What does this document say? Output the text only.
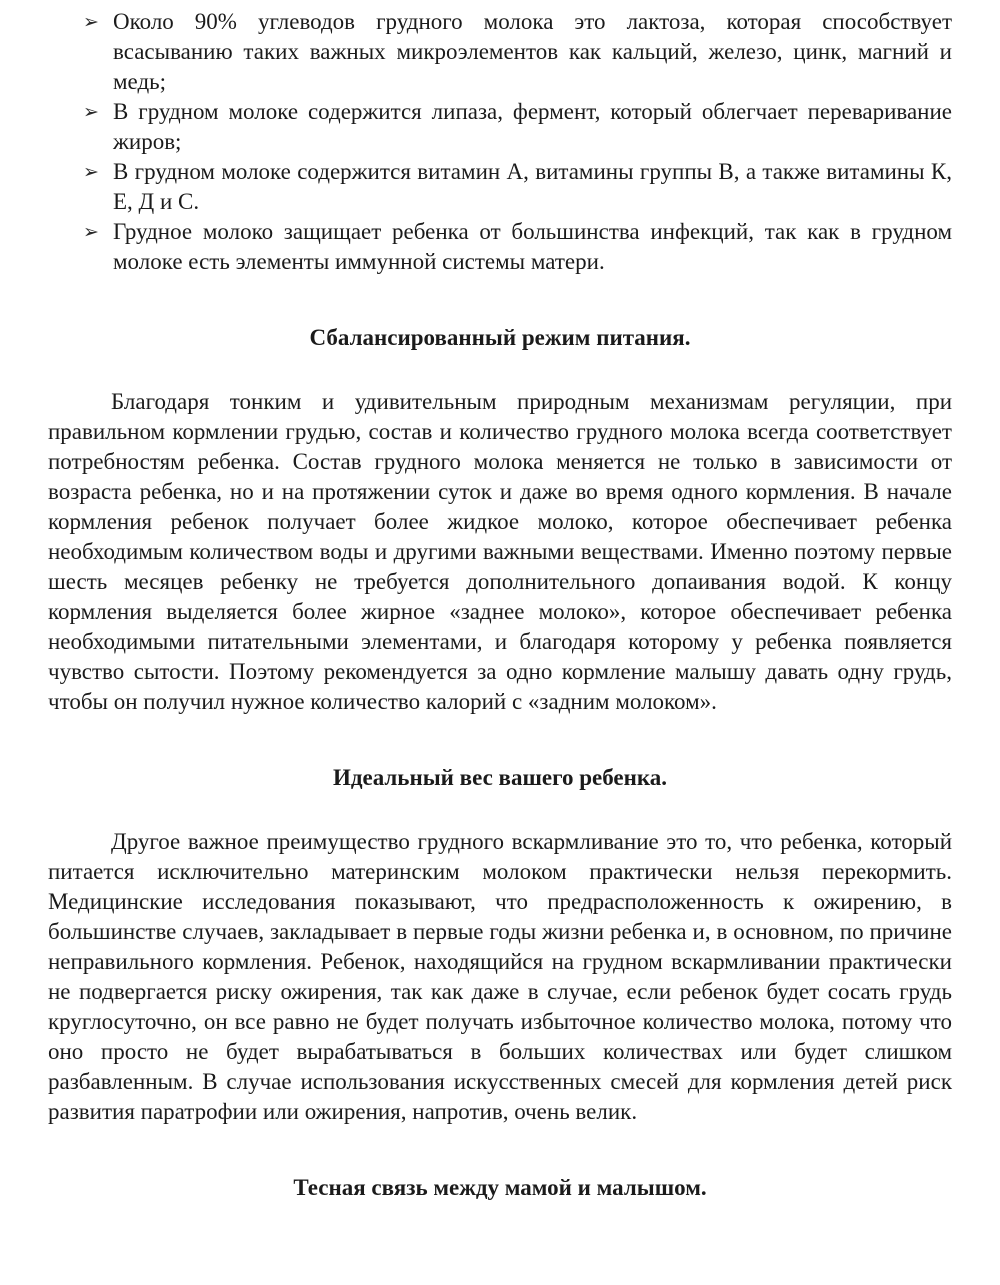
➢ Около 90% углеводов грудного молока это лактоза, которая способствует всасыванию таких важных микроэлементов как кальций, железо, цинк, магний и медь;
➢ В грудном молоке содержится липаза, фермент, который облегчает переваривание жиров;
➢ В грудном молоке содержится витамин А, витамины группы В, а также витамины К, Е, Д и С.
➢ Грудное молоко защищает ребенка от большинства инфекций, так как в грудном молоке есть элементы иммунной системы матери.
Сбалансированный режим питания.

Благодаря тонким и удивительным природным механизмам регуляции, при правильном кормлении грудью, состав и количество грудного молока всегда соответствует потребностям ребенка. Состав грудного молока меняется не только в зависимости от возраста ребенка, но и на протяжении суток и даже во время одного кормления. В начале кормления ребенок получает более жидкое молоко, которое обеспечивает ребенка необходимым количеством воды и другими важными веществами. Именно поэтому первые шесть месяцев ребенку не требуется дополнительного допаивания водой. К концу кормления выделяется более жирное «заднее молоко», которое обеспечивает ребенка необходимыми питательными элементами, и благодаря которому у ребенка появляется чувство сытости. Поэтому рекомендуется за одно кормление малышу давать одну грудь, чтобы он получил нужное количество калорий с «задним молоком».

Идеальный вес вашего ребенка.

Другое важное преимущество грудного вскармливание это то, что ребенка, который питается исключительно материнским молоком практически нельзя перекормить. Медицинские исследования показывают, что предрасположенность к ожирению, в большинстве случаев, закладывает в первые годы жизни ребенка и, в основном, по причине неправильного кормления. Ребенок, находящийся на грудном вскармливании практически не подвергается риску ожирения, так как даже в случае, если ребенок будет сосать грудь круглосуточно, он все равно не будет получать избыточное количество молока, потому что оно просто не будет вырабатываться в больших количествах или будет слишком разбавленным. В случае использования искусственных смесей для кормления детей риск развития паратрофии или ожирения, напротив, очень велик.

Тесная связь между мамой и малышом.
